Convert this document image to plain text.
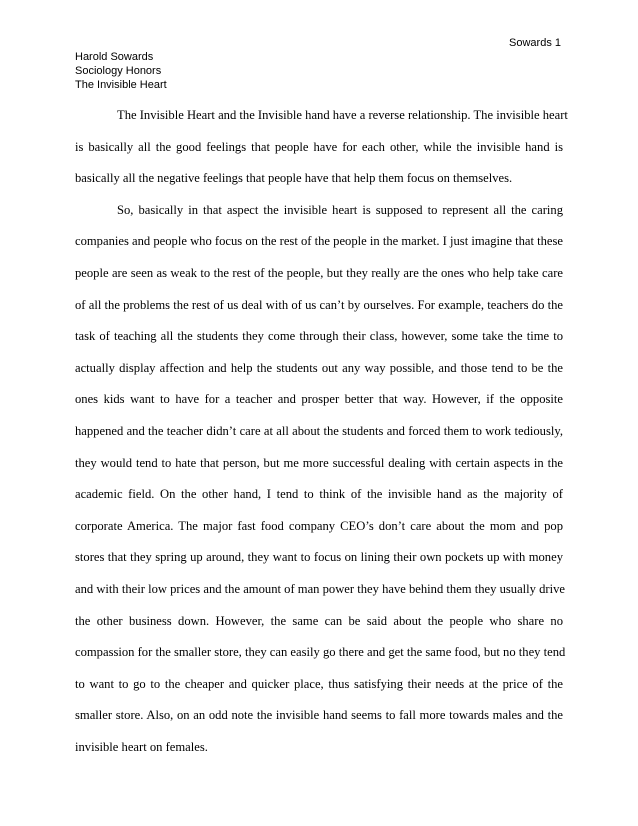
Sowards 1
Harold Sowards
Sociology Honors
The Invisible Heart
The Invisible Heart and the Invisible hand have a reverse relationship. The invisible heart
is basically all the good feelings that people have for each other, while the invisible hand is
basically all the negative feelings that people have that help them focus on themselves.
So, basically in that aspect the invisible heart is supposed to represent all the caring
companies and people who focus on the rest of the people in the market. I just imagine that these
people are seen as weak to the rest of the people, but they really are the ones who help take care
of all the problems the rest of us deal with of us can’t by ourselves. For example, teachers do the
task of teaching all the students they come through their class, however, some take the time to
actually display affection and help the students out any way possible, and those tend to be the
ones kids want to have for a teacher and prosper better that way. However, if the opposite
happened and the teacher didn’t care at all about the students and forced them to work tediously,
they would tend to hate that person, but me more successful dealing with certain aspects in the
academic field. On the other hand, I tend to think of the invisible hand as the majority of
corporate America. The major fast food company CEO’s don’t care about the mom and pop
stores that they spring up around, they want to focus on lining their own pockets up with money
and with their low prices and the amount of man power they have behind them they usually drive
the other business down. However, the same can be said about the people who share no
compassion for the smaller store, they can easily go there and get the same food, but no they tend
to want to go to the cheaper and quicker place, thus satisfying their needs at the price of the
smaller store. Also, on an odd note the invisible hand seems to fall more towards males and the
invisible heart on females.
